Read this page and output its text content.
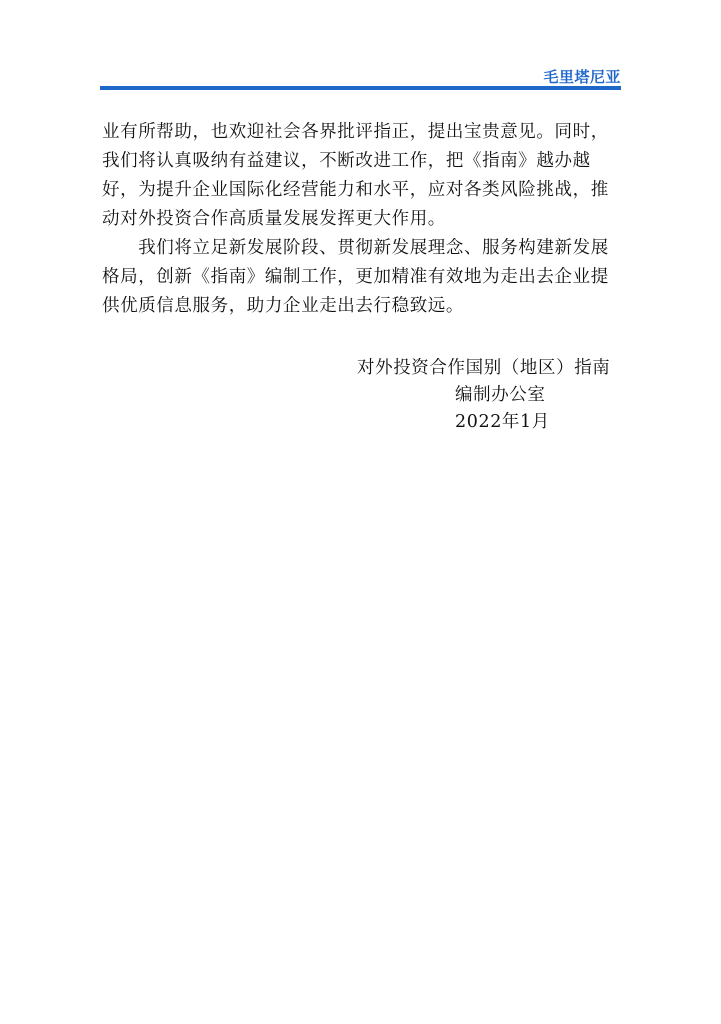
毛里塔尼亚
业有所帮助，也欢迎社会各界批评指正，提出宝贵意见。同时，
我们将认真吸纳有益建议，不断改进工作，把《指南》越办越
好，为提升企业国际化经营能力和水平，应对各类风险挑战，推
动对外投资合作高质量发展发挥更大作用。
　　我们将立足新发展阶段、贯彻新发展理念、服务构建新发展
格局，创新《指南》编制工作，更加精准有效地为走出去企业提
供优质信息服务，助力企业走出去行稳致远。
对外投资合作国别（地区）指南
编制办公室
2022年1月
